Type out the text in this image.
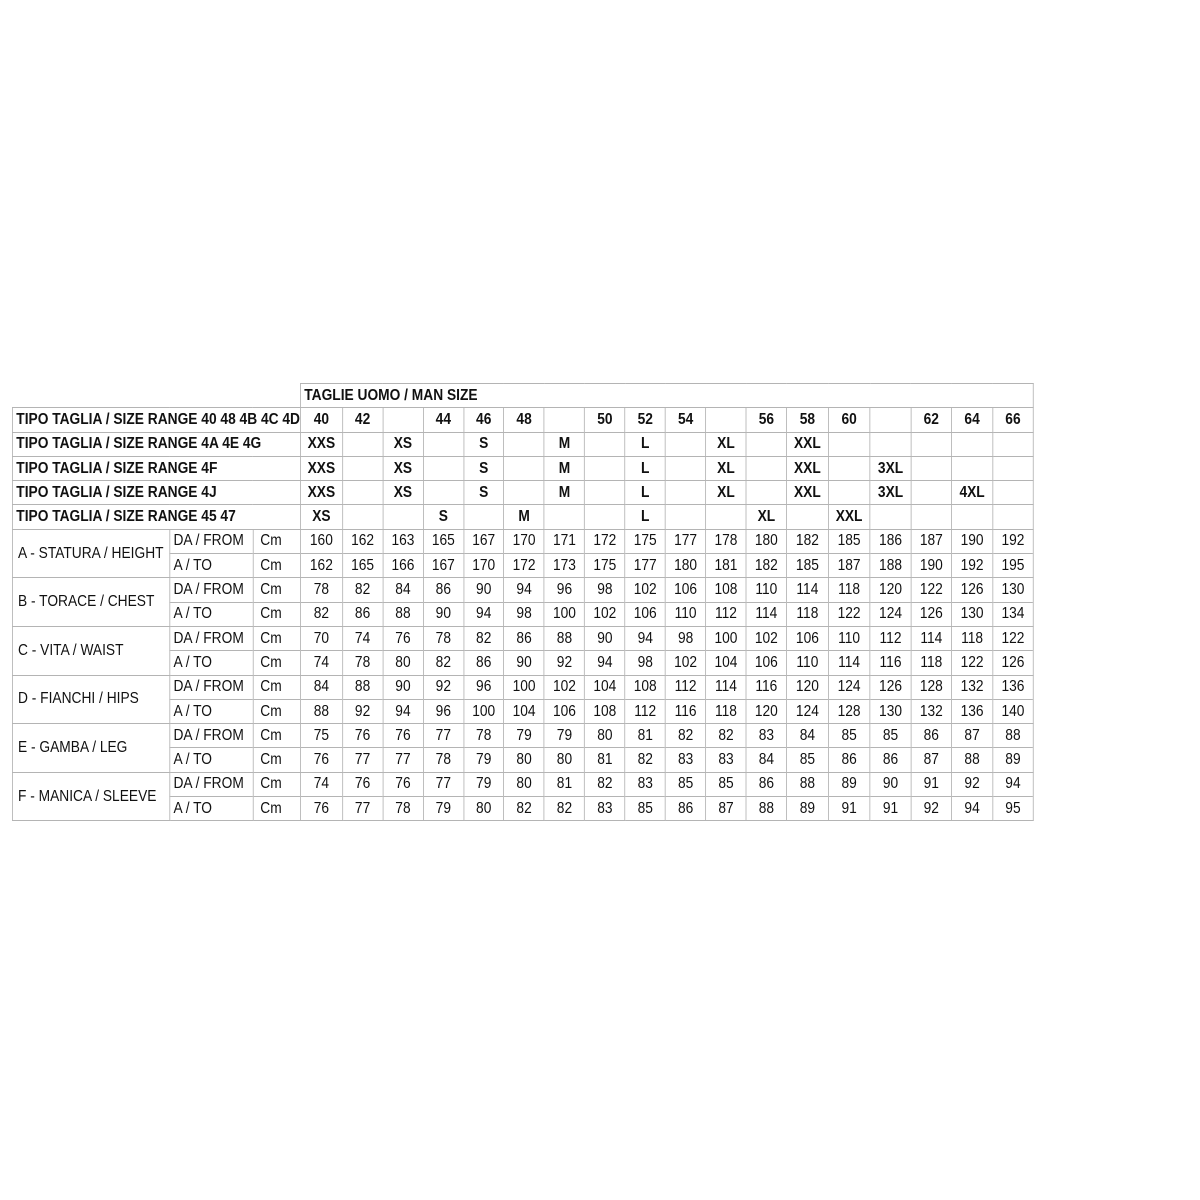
			TAGLIE UOMO / MAN SIZE																	
TIPO TAGLIA / SIZE RANGE 40 48 4B 4C 4D			40	42		44	46	48		50	52	54		56	58	60		62	64	66
TIPO TAGLIA / SIZE RANGE 4A 4E 4G			XXS		XS		S		M		L		XL		XXL					
TIPO TAGLIA / SIZE RANGE 4F			XXS		XS		S		M		L		XL		XXL		3XL			
TIPO TAGLIA / SIZE RANGE 4J			XXS		XS		S		M		L		XL		XXL		3XL		4XL	
TIPO TAGLIA / SIZE RANGE 45 47			XS			S		M			L			XL		XXL				
A - STATURA / HEIGHT	DA / FROM	Cm	160	162	163	165	167	170	171	172	175	177	178	180	182	185	186	187	190	192
	A / TO	Cm	162	165	166	167	170	172	173	175	177	180	181	182	185	187	188	190	192	195
B - TORACE / CHEST	DA / FROM	Cm	78	82	84	86	90	94	96	98	102	106	108	110	114	118	120	122	126	130
	A / TO	Cm	82	86	88	90	94	98	100	102	106	110	112	114	118	122	124	126	130	134
C - VITA / WAIST	DA / FROM	Cm	70	74	76	78	82	86	88	90	94	98	100	102	106	110	112	114	118	122
	A / TO	Cm	74	78	80	82	86	90	92	94	98	102	104	106	110	114	116	118	122	126
D - FIANCHI / HIPS	DA / FROM	Cm	84	88	90	92	96	100	102	104	108	112	114	116	120	124	126	128	132	136
	A / TO	Cm	88	92	94	96	100	104	106	108	112	116	118	120	124	128	130	132	136	140
E - GAMBA / LEG	DA / FROM	Cm	75	76	76	77	78	79	79	80	81	82	82	83	84	85	85	86	87	88
	A / TO	Cm	76	77	77	78	79	80	80	81	82	83	83	84	85	86	86	87	88	89
F - MANICA / SLEEVE	DA / FROM	Cm	74	76	76	77	79	80	81	82	83	85	85	86	88	89	90	91	92	94
	A / TO	Cm	76	77	78	79	80	82	82	83	85	86	87	88	89	91	91	92	94	95
